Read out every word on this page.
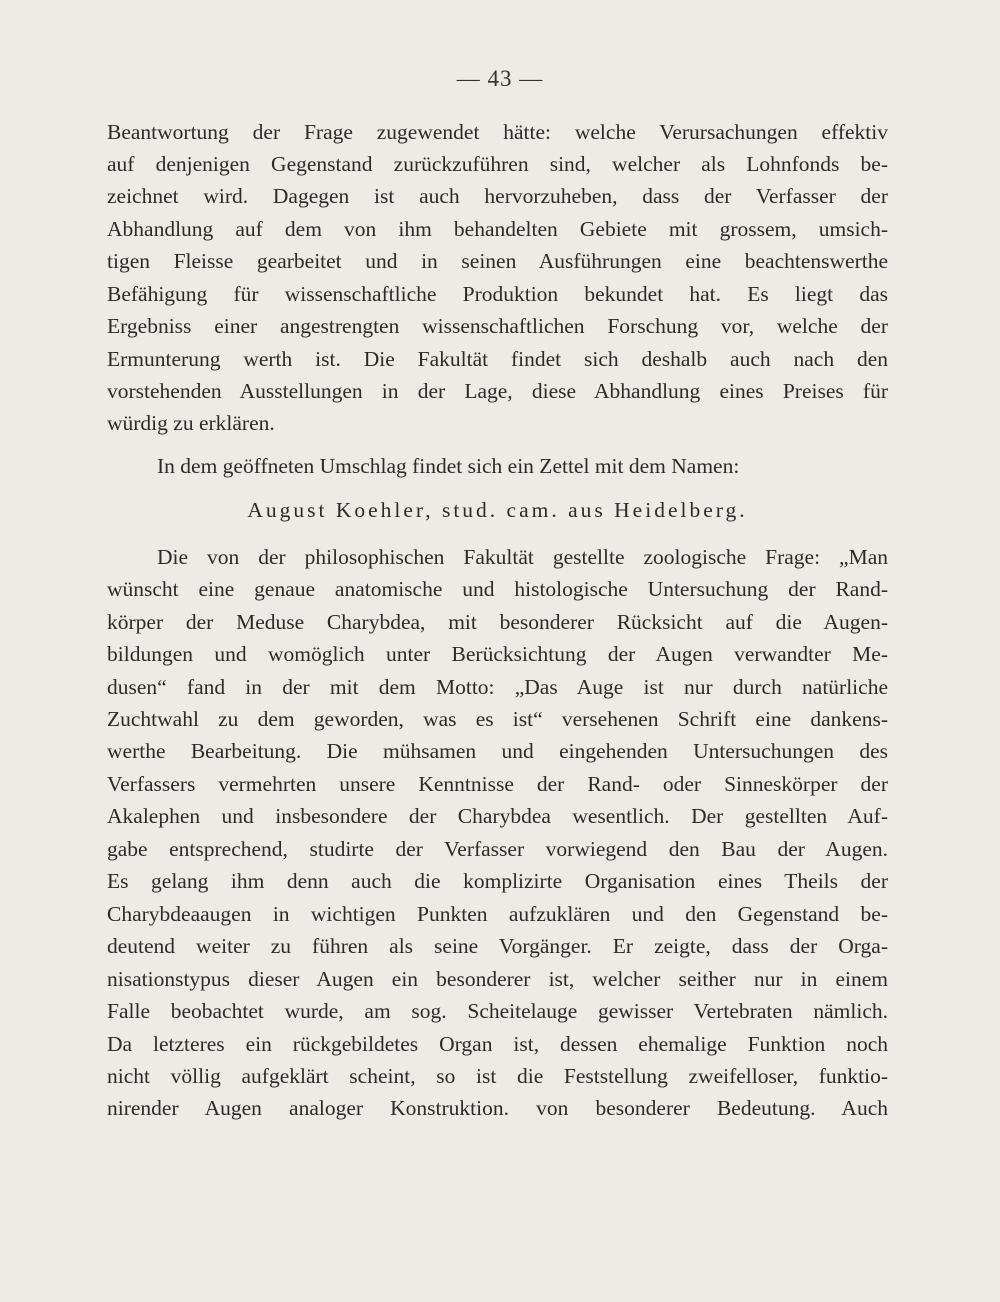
— 43 —
Beantwortung der Frage zugewendet hätte: welche Verursachungen effektiv
auf denjenigen Gegenstand zurückzuführen sind, welcher als Lohnfonds be-
zeichnet wird. Dagegen ist auch hervorzuheben, dass der Verfasser der
Abhandlung auf dem von ihm behandelten Gebiete mit grossem, umsich-
tigen Fleisse gearbeitet und in seinen Ausführungen eine beachtenswerthe
Befähigung für wissenschaftliche Produktion bekundet hat. Es liegt das
Ergebniss einer angestrengten wissenschaftlichen Forschung vor, welche der
Ermunterung werth ist. Die Fakultät findet sich deshalb auch nach den
vorstehenden Ausstellungen in der Lage, diese Abhandlung eines Preises für
würdig zu erklären.
In dem geöffneten Umschlag findet sich ein Zettel mit dem Namen:
August Koehler, stud. cam. aus Heidelberg.
Die von der philosophischen Fakultät gestellte zoologische Frage: „Man
wünscht eine genaue anatomische und histologische Untersuchung der Rand-
körper der Meduse Charybdea, mit besonderer Rücksicht auf die Augen-
bildungen und womöglich unter Berücksichtung der Augen verwandter Me-
dusen“ fand in der mit dem Motto: „Das Auge ist nur durch natürliche
Zuchtwahl zu dem geworden, was es ist“ versehenen Schrift eine dankens-
werthe Bearbeitung. Die mühsamen und eingehenden Untersuchungen des
Verfassers vermehrten unsere Kenntnisse der Rand- oder Sinneskörper der
Akalephen und insbesondere der Charybdea wesentlich. Der gestellten Auf-
gabe entsprechend, studirte der Verfasser vorwiegend den Bau der Augen.
Es gelang ihm denn auch die komplizirte Organisation eines Theils der
Charybdeaaugen in wichtigen Punkten aufzuklären und den Gegenstand be-
deutend weiter zu führen als seine Vorgänger. Er zeigte, dass der Orga-
nisationstypus dieser Augen ein besonderer ist, welcher seither nur in einem
Falle beobachtet wurde, am sog. Scheitelauge gewisser Vertebraten nämlich.
Da letzteres ein rückgebildetes Organ ist, dessen ehemalige Funktion noch
nicht völlig aufgeklärt scheint, so ist die Feststellung zweifelloser, funktio-
nirender Augen analoger Konstruktion. von besonderer Bedeutung. Auch
